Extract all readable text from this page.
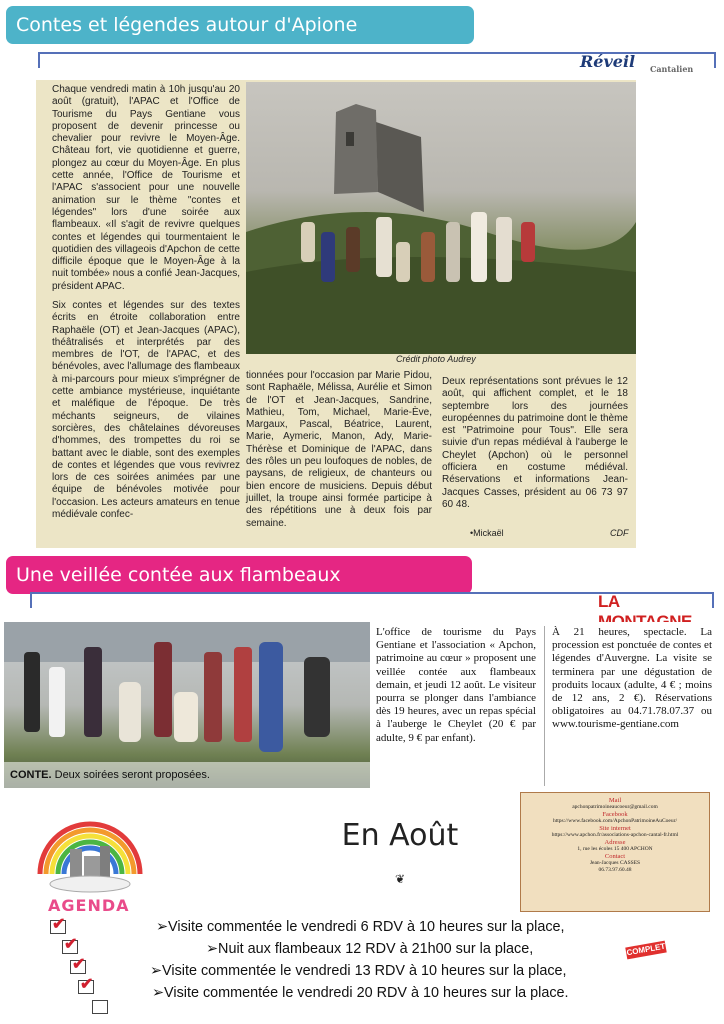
Contes et légendes autour d'Apione
Réveil Cantalien
Chaque vendredi matin à 10h jusqu'au 20 août (gratuit), l'APAC et l'Office de Tourisme du Pays Gentiane vous proposent de devenir princesse ou chevalier pour revivre le Moyen-Âge. Château fort, vie quotidienne et guerre, plongez au cœur du Moyen-Âge. En plus cette année, l'Office de Tourisme et l'APAC s'associent pour une nouvelle animation sur le thème "contes et légendes" lors d'une soirée aux flambeaux. «Il s'agit de revivre quelques contes et légendes qui tourmentaient le quotidien des villageois d'Apchon de cette difficile époque que le Moyen-Âge à la nuit tombée» nous a confié Jean-Jacques, président APAC.
Crédit photo Audrey
Six contes et légendes sur des textes écrits en étroite collaboration entre Raphaële (OT) et Jean-Jacques (APAC), théâtralisés et interprétés par des membres de l'OT, de l'APAC, et des bénévoles, avec l'allumage des flambeaux à mi-parcours pour mieux s'imprégner de cette ambiance mystérieuse, inquiétante et maléfique de l'époque. De très méchants seigneurs, de vilaines sorcières, des châtelaines dévoreuses d'hommes, des trompettes du roi se battant avec le diable, sont des exemples de contes et légendes que vous revivrez lors de ces soirées animées par une équipe de bénévoles motivée pour l'occasion. Les acteurs amateurs en tenue médiévale confec-
tionnées pour l'occasion par Marie Pidou, sont Raphaële, Mélissa, Aurélie et Simon de l'OT et Jean-Jacques, Sandrine, Mathieu, Tom, Michael, Marie-Ève, Margaux, Pascal, Béatrice, Laurent, Marie, Aymeric, Manon, Ady, Marie-Thérèse et Dominique de l'APAC, dans des rôles un peu loufoques de nobles, de paysans, de religieux, de chanteurs ou bien encore de musiciens. Depuis début juillet, la troupe ainsi formée participe à des répétitions une à deux fois par semaine.
Deux représentations sont prévues le 12 août, qui affichent complet, et le 18 septembre lors des journées européennes du patrimoine dont le thème est "Patrimoine pour Tous". Elle sera suivie d'un repas médiéval à l'auberge le Cheylet (Apchon) où le personnel officiera en costume médiéval. Réservations et informations Jean-Jacques Casses, président au 06 73 97 60 48.
•Mickaël	CDF
Une veillée contée aux flambeaux
LA
CONTE. Deux soirées seront proposées.
L'office de tourisme du Pays Gentiane et l'association « Apchon, patrimoine au cœur » proposent une veillée contée aux flambeaux demain, et jeudi 12 août. Le visiteur pourra se plonger dans l'ambiance dès 19 heures, avec un repas spécial à l'auberge le Cheylet (20 € par adulte, 9 € par enfant).
À 21 heures, spectacle. La procession est ponctuée de contes et légendes d'Auvergne. La visite se terminera par une dégustation de produits locaux (adulte, 4 € ; moins de 12 ans, 2 €). Réservations obligatoires au 04.71.78.07.37 ou www.tourisme-gentiane.com
AGENDA
✔
✔
✔
✔
En Août
❦
Mail
apchonpatrimoineaucoeur@gmail.com
Facebook
https://www.facebook.com/ApchonPatrimoineAuCoeur/
Site internet
https://www.apchon.fr/associations-apchon-cantal-fr.html
Adresse
1, rue les écoles 15 400 APCHON
Contact
Jean-Jacques CASSES
06.73.97.60.48
➢Visite commentée le vendredi 6 RDV à 10 heures sur la place,
➢Nuit aux flambeaux 12 RDV à 21h00 sur la place,
➢Visite commentée le vendredi 13 RDV à 10 heures sur la place,
➢Visite commentée le vendredi 20 RDV à 10 heures sur la place.
COMPLET
